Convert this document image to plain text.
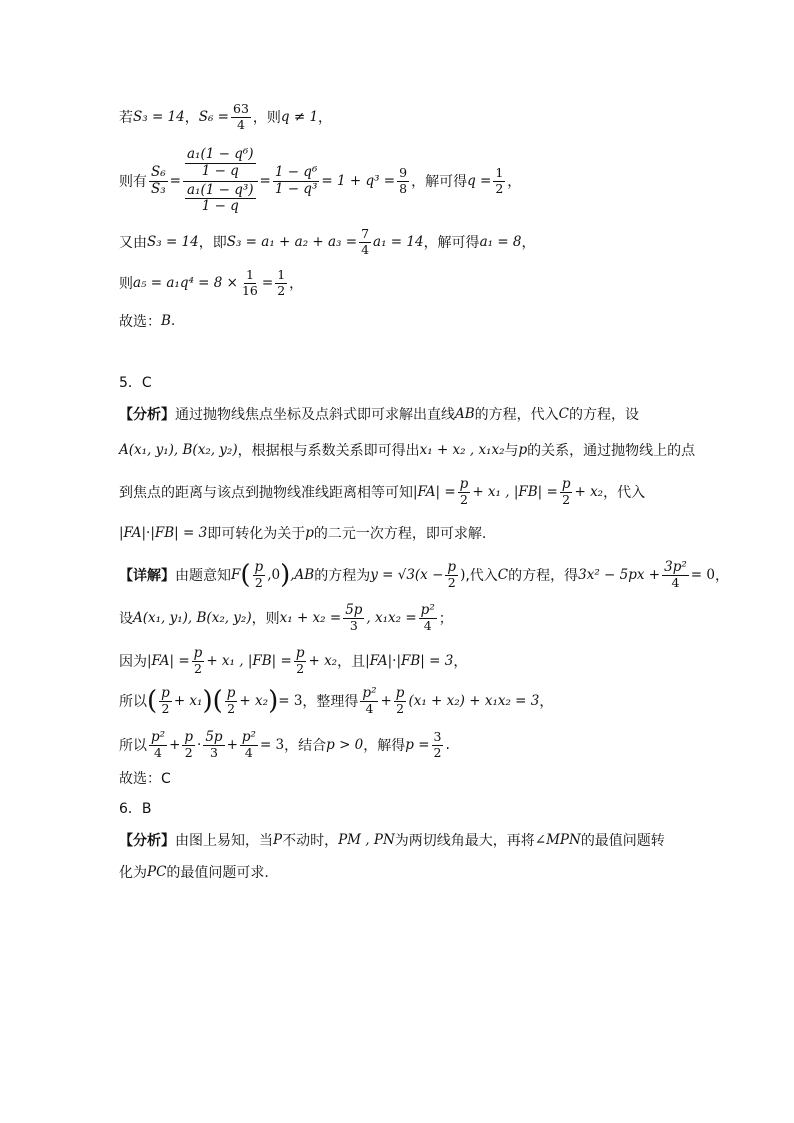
若 S₃ = 14 ， $S_6 = \frac{63}{4}$ ，则 q ≠ 1 ，
则有 $\frac{\text{S₆}}{\text{S₃}} = a_1(1 - q^6)$
1 − q
a₁(1 − q³)
$1 - q = \frac{\text{1 − q⁶}}{\text{1 − q³}} = 1 + q^3 = \frac{9}{8}$ ，解可得 $q = \frac{1}{2}$ ，
又由 S₃ = 14 ，即 $S_3 = a_1 + a_2 + a_3 = \frac{7}{4} a_1 = 14$ ，解可得 a₁ = 8 ，
则 $a_5 = a_1q^4 = 8 \times \frac{1}{16} = \frac{1}{2}$ ，
故选： B .
5．C
【分析】 通过抛物线焦点坐标及点斜式即可求解出直线 AB 的方程，代入 C 的方程，设
A(x₁, y₁), B(x₂, y₂) ，根据根与系数关系即可得出 x₁ + x₂ , x₁x₂ 与 p 的关系，通过抛物线上的点
到焦点的距离与该点到抛物线准线距离相等可知 $|FA| = \frac{p}{2} + x_1$ , $|FB| = \frac{p}{2} + x_2$ ，代入
|FA|·|FB| = 3 即可转化为关于 p 的二元一次方程，即可求解.
【详解】 由题意知 F ( $\frac{p}{2} ,0$ ) ,AB 的方程为 $y = √3(x - \frac{p}{2}$ ) ,代入 C 的方程，得 $3x^2 - 5px + \frac{\text{3p²}}{4} = 0$ ，
设 A(x₁, y₁), B(x₂, y₂) ，则 $x_1 + x_2 = \frac{5p}{3}$ , $x_1x_2 = \frac{\text{p²}}{4}$ ；
因为 $|FA| = \frac{p}{2} + x_1$ , $|FB| = \frac{p}{2} + x_2$ ，且 |FA|·|FB| = 3 ，
所以 ( $\frac{p}{2} + x_1$ ) ( $\frac{p}{2} + x_2$ ) = 3 ，整理得 $\frac{\text{p²}}{4} + \frac{p}{2} (x_1 + x_2) + x_1x_2 = 3$ ，
所以 $\frac{\text{p²}}{4} + \frac{p}{2} \cdot \frac{5p}{3} + \frac{\text{p²}}{4} = 3$ ，结合 p > 0 ，解得 $p = \frac{3}{2}$ .
故选：C
6．B
【分析】 由图上易知，当 P 不动时， PM , PN 为两切线角最大，再将 ∠MPN 的最值问题转
化为 PC 的最值问题可求.
